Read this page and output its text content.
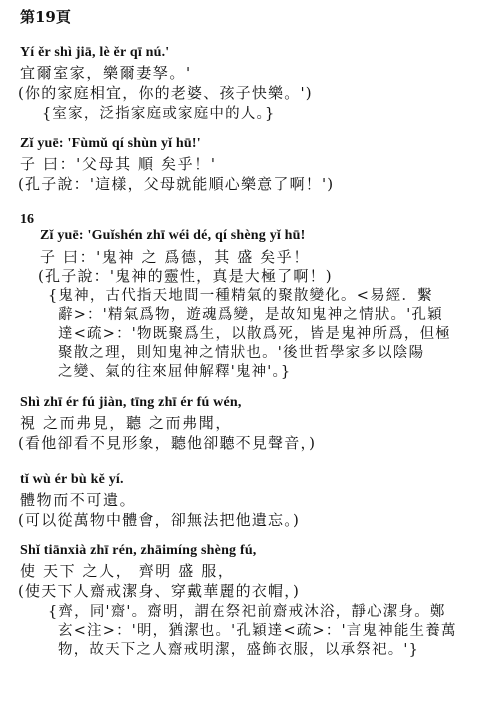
第19頁
Yí ěr shì jiā, lè ěr qī nú.'
宜爾室家，樂爾妻孥。'
(你的家庭相宜，你的老婆、孩子快樂。')
{室家，泛指家庭或家庭中的人。}
Zǐ yuē: 'Fùmǔ qí shùn yǐ hū!'
子 曰：'父母其 順 矣乎！'
(孔子說：'這樣，父母就能順心樂意了啊！')
16
Zǐ yuē: 'Guǐshén zhī wéi dé, qí shèng yǐ hū!
子 曰：'鬼神 之 爲德，其 盛 矣乎！
(孔子說：'鬼神的靈性，真是大極了啊！)
{鬼神，古代指天地間一種精氣的聚散變化。<易經．繫
辭>：'精氣爲物，遊魂爲變，是故知鬼神之情狀。'孔穎
達<疏>：'物既聚爲生，以散爲死，皆是鬼神所爲，但極
聚散之理，則知鬼神之情狀也。'後世哲學家多以陰陽
之變、氣的往來屈伸解釋'鬼神'。}
Shì zhī ér fú jiàn, tīng zhī ér fú wén,
視 之而弗見，聽 之而弗聞，
(看他卻看不見形象，聽他卻聽不見聲音，)
tǐ wù ér bù kě yí.
體物而不可遺。
(可以從萬物中體會，卻無法把他遺忘。)
Shǐ tiānxià zhī rén, zhāimíng shèng fú,
使 天下 之人， 齊明 盛 服，
(使天下人齋戒潔身、穿戴華麗的衣帽，)
{齊，同'齋'。齋明，謂在祭祀前齋戒沐浴，靜心潔身。鄭
玄<注>：'明，猶潔也。'孔穎達<疏>：'言鬼神能生養萬
物，故天下之人齋戒明潔，盛飾衣服，以承祭祀。'}
